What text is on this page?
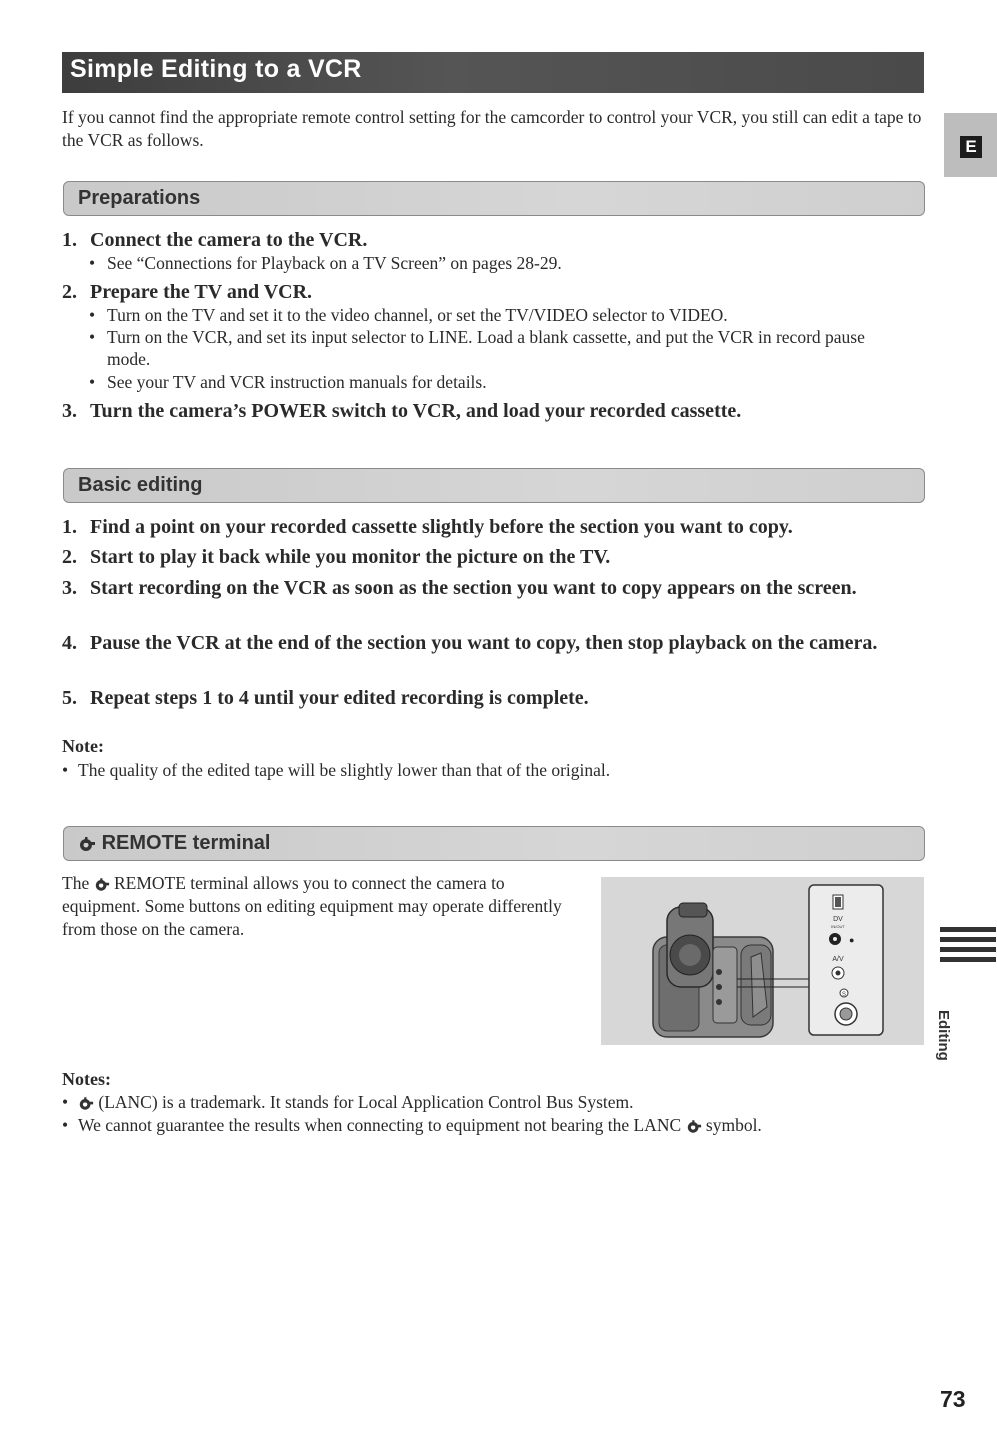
Simple Editing to a VCR
E
If you cannot find the appropriate remote control setting for the camcorder to control your VCR, you still can edit a tape to the VCR as follows.
Preparations
1. Connect the camera to the VCR.
• See “Connections for Playback on a TV Screen” on pages 28-29.
2. Prepare the TV and VCR.
• Turn on the TV and set it to the video channel, or set the TV/VIDEO selector to VIDEO.
• Turn on the VCR, and set its input selector to LINE. Load a blank cassette, and put the VCR in record pause mode.
• See your TV and VCR instruction manuals for details.
3. Turn the camera’s POWER switch to VCR, and load your recorded cassette.
Basic editing
1. Find a point on your recorded cassette slightly before the section you want to copy.
2. Start to play it back while you monitor the picture on the TV.
3. Start recording on the VCR as soon as the section you want to copy appears on the screen.
4. Pause the VCR at the end of the section you want to copy, then stop playback on the camera.
5. Repeat steps 1 to 4 until your edited recording is complete.
Note:
• The quality of the edited tape will be slightly lower than that of the original.
REMOTE terminal
The REMOTE terminal allows you to connect the camera to equipment. Some buttons on editing equipment may operate differently from those on the camera.	DV
IN/OUT
●
A/V
S
Notes:
•	(LANC) is a trademark. It stands for Local Application Control Bus System.
• We cannot guarantee the results when connecting to equipment not bearing the LANC symbol.
Editing
73
